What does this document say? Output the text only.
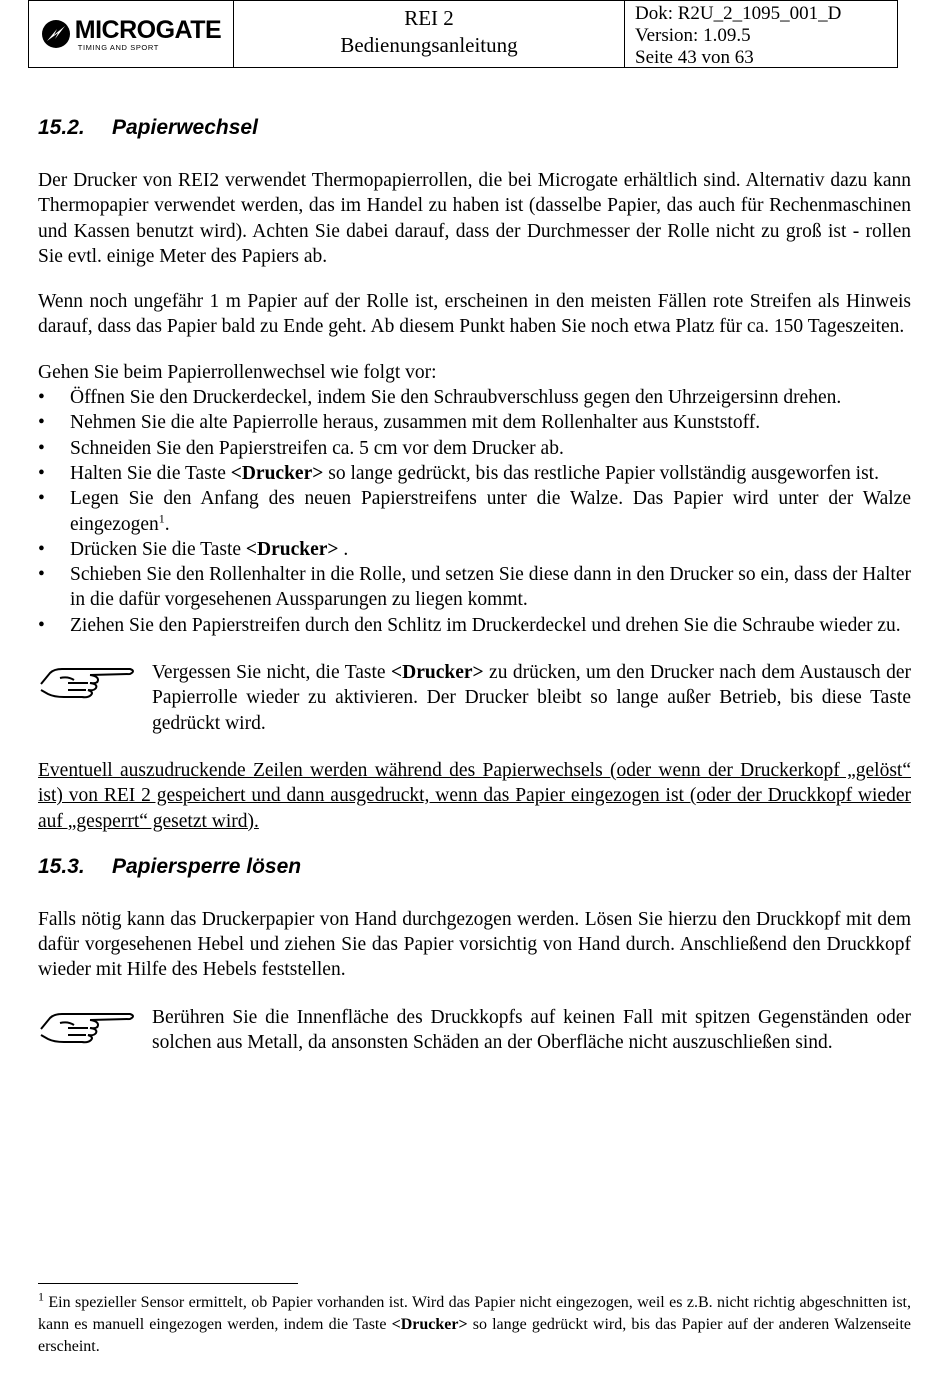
MICROGATE
TIMING AND SPORT
REI 2
Bedienungsanleitung
Dok: R2U_2_1095_001_D
Version: 1.09.5
Seite 43 von 63
15.2. Papierwechsel

Der Drucker von REI2 verwendet Thermopapierrollen, die bei Microgate erhältlich sind. Alternativ dazu kann Thermopapier verwendet werden, das im Handel zu haben ist (dasselbe Papier, das auch für Rechenmaschinen und Kassen benutzt wird). Achten Sie dabei darauf, dass der Durchmesser der Rolle nicht zu groß ist - rollen Sie evtl. einige Meter des Papiers ab.

Wenn noch ungefähr 1 m Papier auf der Rolle ist, erscheinen in den meisten Fällen rote Streifen als Hinweis darauf, dass das Papier bald zu Ende geht. Ab diesem Punkt haben Sie noch etwa Platz für ca. 150 Tageszeiten.

Gehen Sie beim Papierrollenwechsel wie folgt vor:

• Öffnen Sie den Druckerdeckel, indem Sie den Schraubverschluss gegen den Uhrzeigersinn drehen.
• Nehmen Sie die alte Papierrolle heraus, zusammen mit dem Rollenhalter aus Kunststoff.
• Schneiden Sie den Papierstreifen ca. 5 cm vor dem Drucker ab.
• Halten Sie die Taste <Drucker> so lange gedrückt, bis das restliche Papier vollständig ausgeworfen ist.
• Legen Sie den Anfang des neuen Papierstreifens unter die Walze. Das Papier wird unter der Walze eingezogen$^1$.
• Drücken Sie die Taste <Drucker> .
• Schieben Sie den Rollenhalter in die Rolle, und setzen Sie diese dann in den Drucker so ein, dass der Halter in die dafür vorgesehenen Aussparungen zu liegen kommt.
• Ziehen Sie den Papierstreifen durch den Schlitz im Druckerdeckel und drehen Sie die Schraube wieder zu.

Vergessen Sie nicht, die Taste <Drucker> zu drücken, um den Drucker nach dem Austausch der Papierrolle wieder zu aktivieren. Der Drucker bleibt so lange außer Betrieb, bis diese Taste gedrückt wird.

Eventuell auszudruckende Zeilen werden während des Papierwechsels (oder wenn der Druckerkopf „gelöst“ ist) von REI 2 gespeichert und dann ausgedruckt, wenn das Papier eingezogen ist (oder der Druckkopf wieder auf „gesperrt“ gesetzt wird).

15.3. Papiersperre lösen

Falls nötig kann das Druckerpapier von Hand durchgezogen werden. Lösen Sie hierzu den Druckkopf mit dem dafür vorgesehenen Hebel und ziehen Sie das Papier vorsichtig von Hand durch. Anschließend den Druckkopf wieder mit Hilfe des Hebels feststellen.

Berühren Sie die Innenfläche des Druckkopfs auf keinen Fall mit spitzen Gegenständen oder solchen aus Metall, da ansonsten Schäden an der Oberfläche nicht auszuschließen sind.

$^1$ Ein spezieller Sensor ermittelt, ob Papier vorhanden ist. Wird das Papier nicht eingezogen, weil es z.B. nicht richtig abgeschnitten ist, kann es manuell eingezogen werden, indem die Taste <Drucker> so lange gedrückt wird, bis das Papier auf der anderen Walzenseite erscheint.
